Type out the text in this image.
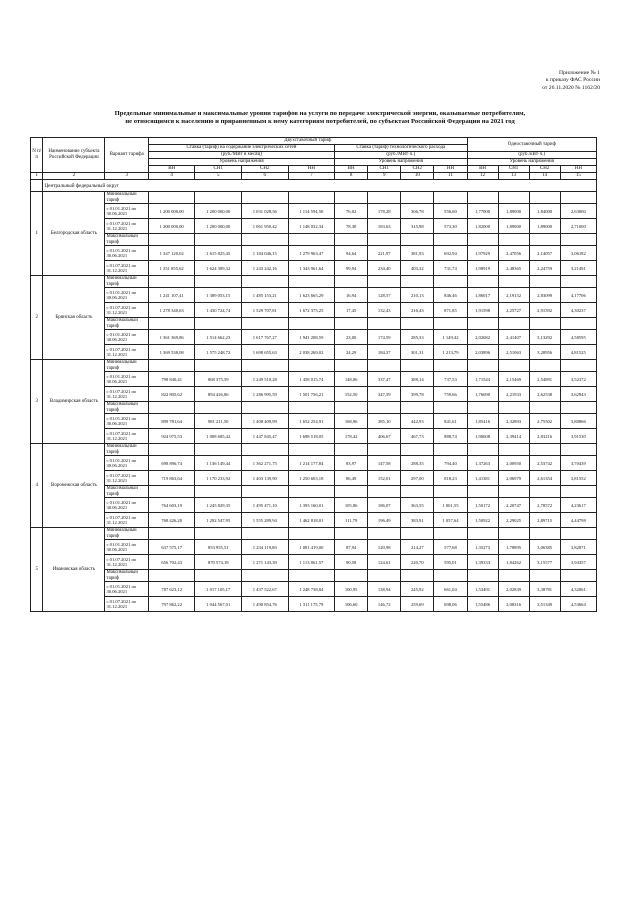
Приложение № 1
к приказу ФАС России
от 26.11.2020 № 1162/20
Предельные минимальные и максимальные уровни тарифов на услуги по передаче электрической энергии, оказываемые потребителям,
не относящимся к населению и приравненным к нему категориям потребителей, по субъектам Российской Федерации на 2021 год
N п/п	Наименование субъекта Российской Федерации	Вариант тарифа	Двухставочный тариф								Одноставочный тариф			
			Ставка (тариф) на содержание электрических сетей				Ставка (тариф) технологического расхода							
			(руб./МВт в месяц)				(руб./МВт·ч.)				(руб./кВт·ч.)			
			Уровень напряжения				Уровень напряжения				Уровень напряжения			
			ВН	СН1	СН2	НН	ВН	СН1	СН2	НН	ВН	СН1	СН2	НН
1	2	3	4	5	6	7	8	9	10	11	12	13	14	15
	Центральный федеральный округ													
1	Белгородская область	Минимальный тариф												
		с 01.01.2021 по 30.06.2021	1 200 000,00	1 200 000,00	1 031 028,56	1 114 594,50	76,02	178,28	306,78	556,60	1,77000	1,89000	1,84000	2,63000
		с 01.07.2021 по 31.12.2021	1 200 000,00	1 200 000,00	1 061 950,42	1 148 032,34	78,30	183,63	315,98	573,30	1,82000	1,89000	1,89000	2,71000
		Максимальный тариф												
		с 01.01.2021 по 30.06.2021	1 347 120,02	1 615 825,45	1 184 046,15	1 279 963,47	94,64	221,97	381,93	692,94	1,97929	2,47056	2,14057	3,06182
		с 01.07.2021 по 31.12.2021	1 351 855,62	1 624 389,32	1 243 242,16	1 343 961,64	99,94	234,40	403,32	731,74	1,98919	2,48365	2,24759	3,21491
2	Брянская область	Минимальный тариф												
		с 01.01.2021 по 30.06.2021	1 241 107,41	1 389 053,15	1 485 153,21	1 623 665,29	16,94	128,57	210,13	846,46	1,86017	2,19152	2,83099	4,17706
		с 01.07.2021 по 31.12.2021	1 278 340,63	1 430 724,74	1 529 707,81	1 672 375,25	17,45	132,43	216,43	871,85	1,91598	2,25727	2,91592	4,30237
		Максимальный тариф												
		с 01.01.2021 по 30.06.2021	1 361 369,86	1 514 662,23	1 617 767,27	1 941 208,59	23,00	174,59	285,33	1 149,42	2,02682	2,41407	3,13292	4,58595
		с 01.07.2021 по 31.12.2021	1 369 538,08	1 575 248,72	1 698 655,63	2 038 269,02	24,29	184,37	301,31	1 213,79	2,03896	2,51063	3,28956	4,81525
3	Владимирская область	Минимальный тариф												
		с 01.01.2021 по 30.06.2021	798 840,41	868 375,59	1 249 510,28	1 458 015,74	148,06	337,47	388,14	737,53	1,71544	2,15469	2,54891	3,52372
		с 01.07.2021 по 31.12.2021	822 805,62	894 426,86	1 286 995,59	1 501 756,21	152,50	347,59	399,78	759,66	1,76690	2,21933	2,62538	3,62943
		Максимальный тариф												
		с 01.01.2021 по 30.06.2021	899 781,64	981 211,50	1 408 409,99	1 652 254,91	168,96	385,10	442,93	841,61	1,85416	2,32893	2,75502	3,80866
		с 01.07.2021 по 31.12.2021	924 975,53	1 008 685,42	1 447 845,47	1 698 518,05	178,42	406,67	467,73	888,74	1,90608	2,39414	2,83216	3,91530
4	Воронежская область	Минимальный тариф												
		с 01.01.2021 по 30.06.2021	698 896,74	1 136 149,44	1 362 271,75	1 214 177,84	83,97	147,58	288,35	794,40	1,37263	2,00950	2,53742	3,70439
		с 01.07.2021 по 31.12.2021	719 863,64	1 170 233,92	1 403 139,90	1 250 603,18	86,49	152,01	297,00	818,23	1,41381	2,06979	2,61354	3,81552
		Максимальный тариф												
		с 01.01.2021 по 30.06.2021	764 603,19	1 245 829,35	1 495 471,10	1 393 160,01	105,86	186,07	363,55	1 001,55	1,50172	2,20747	2,78572	4,23617
		с 01.07.2021 по 31.12.2021	768 426,20	1 292 547,95	1 555 289,94	1 462 818,01	111,79	196,49	383,91	1 057,64	1,50922	2,29025	2,89715	4,44798
5	Ивановская область	Минимальный тариф												
		с 01.01.2021 по 30.06.2021	637 575,17	853 955,51	1 234 119,80	1 081 419,00	87,94	120,98	214,27	577,68	1,35273	1,78895	3,06385	3,82871
		с 01.07.2021 по 31.12.2021	656 702,43	870 574,18	1 271 143,39	1 113 861,57	90,58	124,61	220,70	595,01	1,39333	1,84262	3,15577	3,94357
		Максимальный тариф												
		с 01.01.2021 по 30.06.2021	787 623,12	1 017 105,17	1 437 522,67	1 248 738,84	100,95	138,94	245,92	661,04	1,53491	2,02839	3,38781	4,32061
		с 01.07.2021 по 31.12.2021	797 862,22	1 044 567,01	1 490 854,76	1 311 175,79	106,60	146,72	259,69	698,06	1,55486	2,08316	3,51349	4,53664
